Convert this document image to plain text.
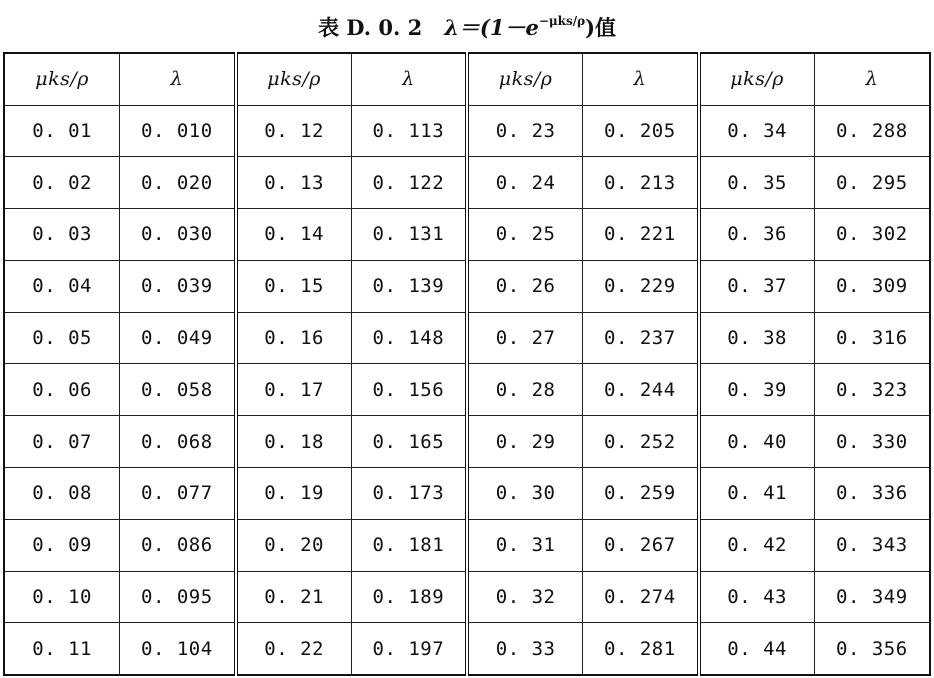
表 D. 0. 2 $\lambda=(1-e^{-\mu ks/\rho})$值
μks/ρ	λ	μks/ρ	λ	μks/ρ	λ	μks/ρ	λ
0. 01	0. 010	0. 12	0. 113	0. 23	0. 205	0. 34	0. 288
0. 02	0. 020	0. 13	0. 122	0. 24	0. 213	0. 35	0. 295
0. 03	0. 030	0. 14	0. 131	0. 25	0. 221	0. 36	0. 302
0. 04	0. 039	0. 15	0. 139	0. 26	0. 229	0. 37	0. 309
0. 05	0. 049	0. 16	0. 148	0. 27	0. 237	0. 38	0. 316
0. 06	0. 058	0. 17	0. 156	0. 28	0. 244	0. 39	0. 323
0. 07	0. 068	0. 18	0. 165	0. 29	0. 252	0. 40	0. 330
0. 08	0. 077	0. 19	0. 173	0. 30	0. 259	0. 41	0. 336
0. 09	0. 086	0. 20	0. 181	0. 31	0. 267	0. 42	0. 343
0. 10	0. 095	0. 21	0. 189	0. 32	0. 274	0. 43	0. 349
0. 11	0. 104	0. 22	0. 197	0. 33	0. 281	0. 44	0. 356
